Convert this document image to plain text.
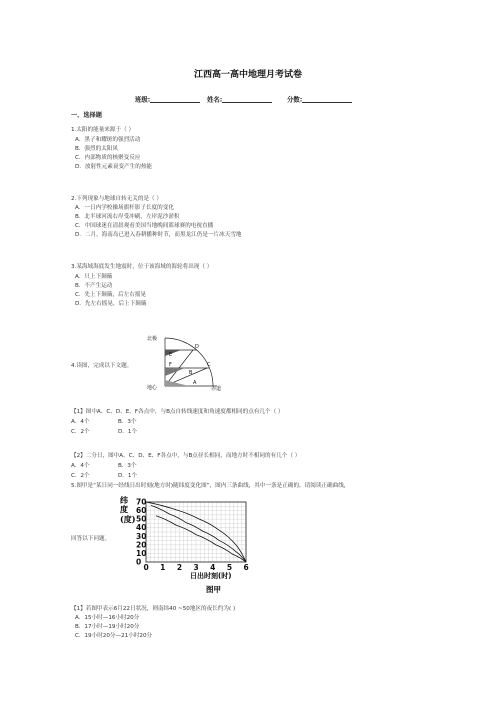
江西高一高中地理月考试卷
班级:	姓名:	分数:
一、选择题
1.太阳的能量来源于（ ）
A．黑子和耀斑的强烈活动
B．强烈的太阳风
C．内部物质的核聚变反应
D．放射性元素衰变产生的热能
2.下列现象与地球自转无关的是（ ）
A．一日内学校操场旗杆影子长度的变化
B．北半球河流右岸受冲刷，左岸泥沙淤积
C．中国球迷在清晨观看美国当地晚间篮球赛的电视直播
D．二月，海南岛已进入春耕播种时节，而黑龙江仍是一片冰天雪地
3.某海域海底发生地震时，位于该海域的海轮将出现（ ）
A．只上下颠簸
B．不产生运动
C．先上下颠簸，后左右摇晃
D．先左右摇晃，后上下颠簸
北极
地心	赤道
D
E
F
B
C
A
4.读图，完成以下文题。
【1】图中A、C、D、E、F各点中，与B点自转线速度和角速度都相同的点有几个（ ）
A．4个	B．3个
C．2个	D．1个
【2】二分日，图中A、C、D、E、F各点中，与B点昼长相同，而地方时不相同的有几个（ ）
A．4个	B．3个
C．2个	D．1个
5.图甲是“某日同一经线日出时刻(地方时)随纬度变化图”，图内三条曲线，其中一条是正确的。请阅读正确曲线，
回答以下问题。
0 1 2 3 4 5 6
0
10
20
30
40
50
60
70
纬
度
(度)
日出时刻(时)
图甲
【1】若图甲表示6月22日状况，则南纬40 ~50地区的夜长约为( )
A．15小时—16小时20分
B．17小时—19小时20分
C．19小时20分—21小时20分
